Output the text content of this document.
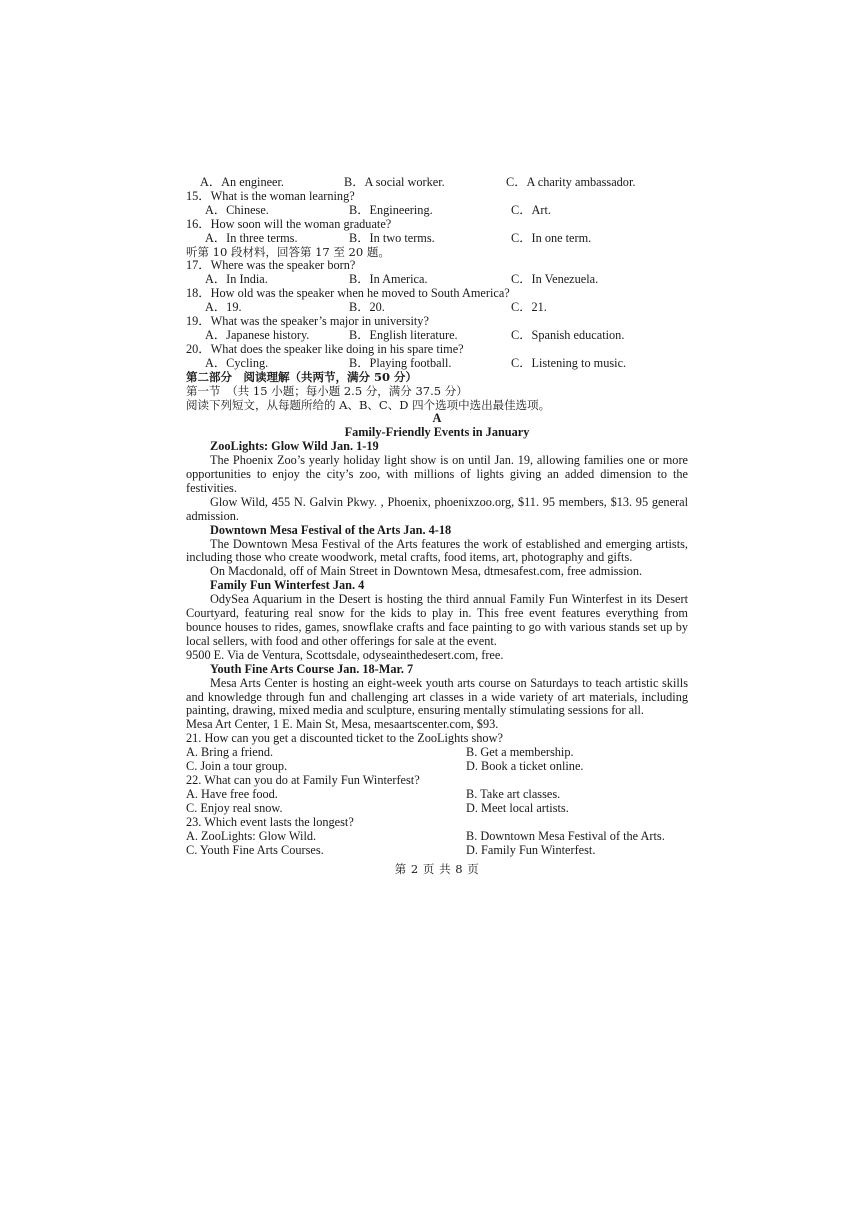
A．An engineer.	B．A social worker.	C．A charity ambassador.
15．What is the woman learning?
A．Chinese.	B．Engineering.	C．Art.
16．How soon will the woman graduate?
A．In three terms.	B．In two terms.	C．In one term.
听第 10 段材料，回答第 17 至 20 题。
17．Where was the speaker born?
A．In India.	B．In America.	C．In Venezuela.
18．How old was the speaker when he moved to South America?
A．19.	B．20.	C．21.
19．What was the speaker’s major in university?
A．Japanese history.	B．English literature.	C．Spanish education.
20．What does the speaker like doing in his spare time?
A．Cycling.	B．Playing football.	C．Listening to music.
第二部分　阅读理解（共两节，满分 50 分）
第一节　（共 15 小题；每小题 2.5 分，满分 37.5 分）
阅读下列短文，从每题所给的 A、B、C、D 四个选项中选出最佳选项。
A
Family-Friendly Events in January
ZooLights: Glow Wild Jan. 1-19
The Phoenix Zoo’s yearly holiday light show is on until Jan. 19, allowing families one or more opportunities to enjoy the city’s zoo, with millions of lights giving an added dimension to the festivities.
Glow Wild, 455 N. Galvin Pkwy. , Phoenix, phoenixzoo.org, $11. 95 members, $13. 95 general admission.
Downtown Mesa Festival of the Arts Jan. 4-18
The Downtown Mesa Festival of the Arts features the work of established and emerging artists, including those who create woodwork, metal crafts, food items, art, photography and gifts.
On Macdonald, off of Main Street in Downtown Mesa, dtmesafest.com, free admission.
Family Fun Winterfest Jan. 4
OdySea Aquarium in the Desert is hosting the third annual Family Fun Winterfest in its Desert Courtyard, featuring real snow for the kids to play in. This free event features everything from bounce houses to rides, games, snowflake crafts and face painting to go with various stands set up by local sellers, with food and other offerings for sale at the event.
9500 E. Via de Ventura, Scottsdale, odyseainthedesert.com, free.
Youth Fine Arts Course Jan. 18-Mar. 7
Mesa Arts Center is hosting an eight-week youth arts course on Saturdays to teach artistic skills and knowledge through fun and challenging art classes in a wide variety of art materials, including painting, drawing, mixed media and sculpture, ensuring mentally stimulating sessions for all.
Mesa Art Center, 1 E. Main St, Mesa, mesaartscenter.com, $93.
21. How can you get a discounted ticket to the ZooLights show?
A. Bring a friend.	B. Get a membership.
C. Join a tour group.	D. Book a ticket online.
22. What can you do at Family Fun Winterfest?
A. Have free food.	B. Take art classes.
C. Enjoy real snow.	D. Meet local artists.
23. Which event lasts the longest?
A. ZooLights: Glow Wild.	B. Downtown Mesa Festival of the Arts.
C. Youth Fine Arts Courses.	D. Family Fun Winterfest.
第 2 页 共 8 页
